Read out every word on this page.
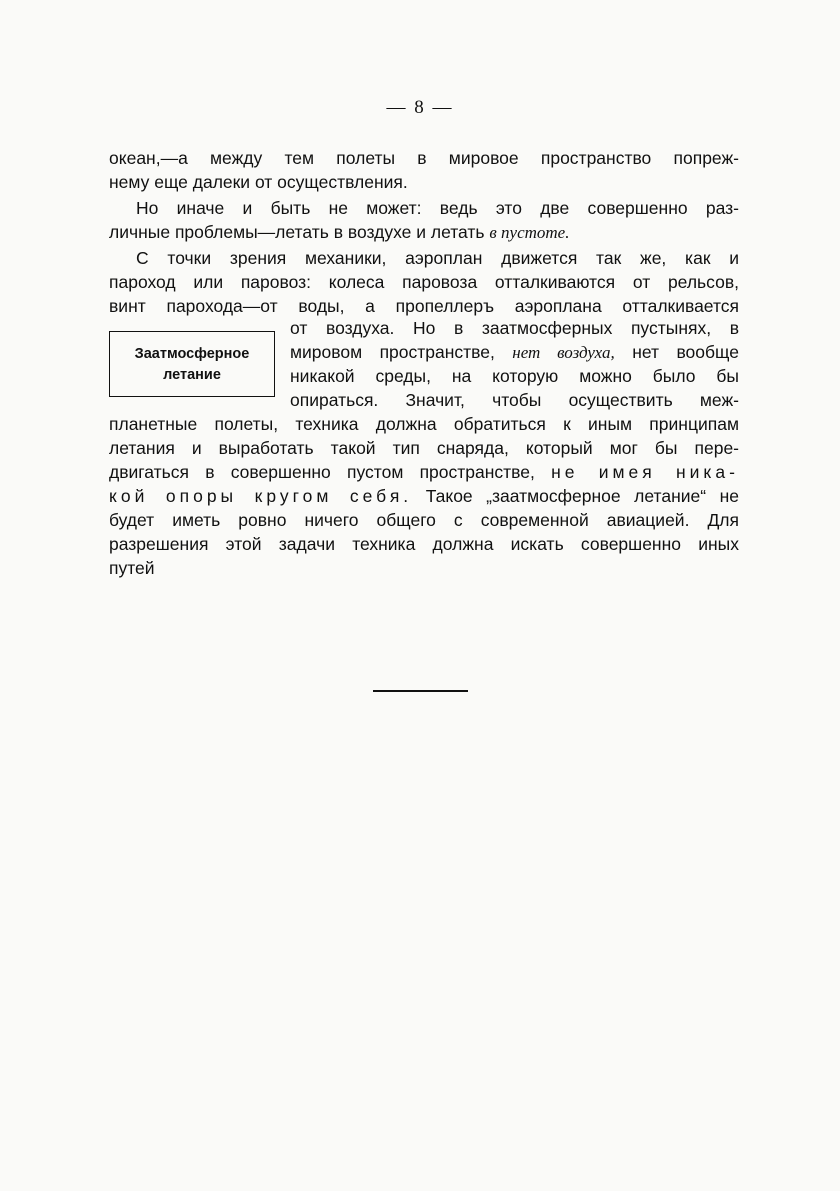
— 8 —
океан,—а между тем полеты в мировое пространство попреж-
нему еще далеки от осуществления.
Но иначе и быть не может: ведь это две совершенно раз-
личные проблемы—летать в воздухе и летать в пустоте.
С точки зрения механики, аэроплан движется так же, как и
пароход или паровоз: колеса паровоза отталкиваются от рельсов,
винт парохода—от воды, а пропеллеръ аэроплана отталкивается
Заатмосферное
летание
от воздуха. Но в заатмосферных пустынях, в
мировом пространстве, нет воздуха, нет вообще
никакой среды, на которую можно было бы
опираться. Значит, чтобы осуществить меж-
планетные полеты, техника должна обратиться к иным принципам
летания и выработать такой тип снаряда, который мог бы пере-
двигаться в совершенно пустом пространстве, не имея ника-
кой опоры кругом себя. Такое „заатмосферное летание“ не
будет иметь ровно ничего общего с современной авиацией. Для
разрешения этой задачи техника должна искать совершенно иных
путей
